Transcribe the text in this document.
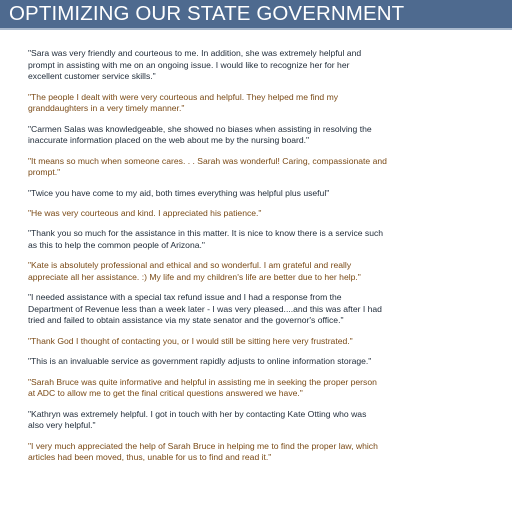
OPTIMIZING OUR STATE GOVERNMENT
"Sara was very friendly and courteous to me. In addition, she was extremely helpful and
prompt in assisting with me on an ongoing issue. I would like to recognize her for her
excellent customer service skills."
"The people I dealt with were very courteous and helpful. They helped me find my
granddaughters in a very timely manner."
"Carmen Salas was knowledgeable, she showed no biases when assisting in resolving the
inaccurate information placed on the web about me by the nursing board."
"It means so much when someone cares. . . Sarah was wonderful! Caring, compassionate and
prompt."
"Twice you have come to my aid, both times everything was helpful plus useful"
"He was very courteous and kind. I appreciated his patience."
"Thank you so much for the assistance in this matter. It is nice to know there is a service such
as this to help the common people of Arizona."
"Kate is absolutely professional and ethical and so wonderful. I am grateful and really
appreciate all her assistance. :) My life and my children's life are better due to her help."
"I needed assistance with a special tax refund issue and I had a response from the
Department of Revenue less than a week later - I was very pleased....and this was after I had
tried and failed to obtain assistance via my state senator and the governor's office."
"Thank God I thought of contacting you, or I would still be sitting here very frustrated."
"This is an invaluable service as government rapidly adjusts to online information storage."
"Sarah Bruce was quite informative and helpful in assisting me in seeking the proper person
at ADC to allow me to get the final critical questions answered we have."
"Kathryn was extremely helpful. I got in touch with her by contacting Kate Otting who was
also very helpful."
"I very much appreciated the help of Sarah Bruce in helping me to find the proper law, which
articles had been moved, thus, unable for us to find and read it."
